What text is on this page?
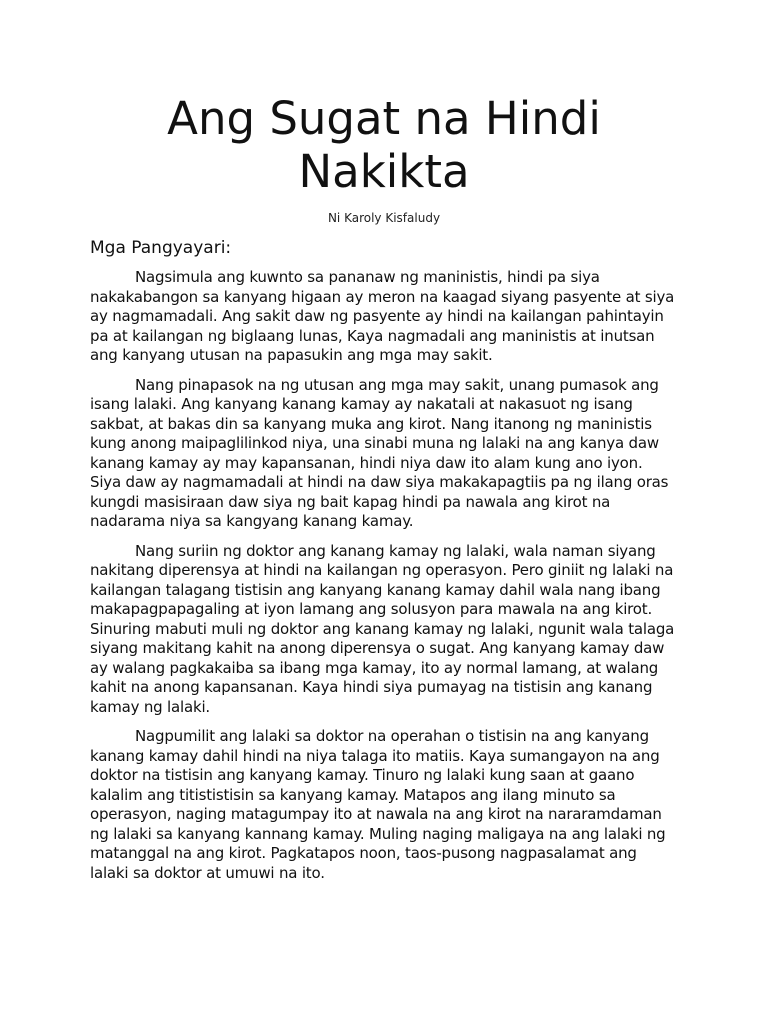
Ang Sugat na Hindi Nakikta

Ni Karoly Kisfaludy

Mga Pangyayari:

Nagsimula ang kuwnto sa pananaw ng maninistis, hindi pa siya nakakabangon sa kanyang higaan ay meron na kaagad siyang pasyente at siya ay nagmamadali. Ang sakit daw ng pasyente ay hindi na kailangan pahintayin pa at kailangan ng biglaang lunas, Kaya nagmadali ang maninistis at inutsan ang kanyang utusan na papasukin ang mga may sakit.

Nang pinapasok na ng utusan ang mga may sakit, unang pumasok ang isang lalaki. Ang kanyang kanang kamay ay nakatali at nakasuot ng isang sakbat, at bakas din sa kanyang muka ang kirot. Nang itanong ng maninistis kung anong maipaglilinkod niya, una sinabi muna ng lalaki na ang kanya daw kanang kamay ay may kapansanan, hindi niya daw ito alam kung ano iyon. Siya daw ay nagmamadali at hindi na daw siya makakapagtiis pa ng ilang oras kungdi masisiraan daw siya ng bait kapag hindi pa nawala ang kirot na nadarama niya sa kangyang kanang kamay.

Nang suriin ng doktor ang kanang kamay ng lalaki, wala naman siyang nakitang diperensya at hindi na kailangan ng operasyon. Pero giniit ng lalaki na kailangan talagang tistisin ang kanyang kanang kamay dahil wala nang ibang makapagpapagaling at iyon lamang ang solusyon para mawala na ang kirot. Sinuring mabuti muli ng doktor ang kanang kamay ng lalaki, ngunit wala talaga siyang makitang kahit na anong diperensya o sugat. Ang kanyang kamay daw ay walang pagkakaiba sa ibang mga kamay, ito ay normal lamang, at walang kahit na anong kapansanan. Kaya hindi siya pumayag na tistisin ang kanang kamay ng lalaki.

Nagpumilit ang lalaki sa doktor na operahan o tistisin na ang kanyang kanang kamay dahil hindi na niya talaga ito matiis. Kaya sumangayon na ang doktor na tistisin ang kanyang kamay. Tinuro ng lalaki kung saan at gaano kalalim ang titististisin sa kanyang kamay. Matapos ang ilang minuto sa operasyon, naging matagumpay ito at nawala na ang kirot na nararamdaman ng lalaki sa kanyang kannang kamay. Muling naging maligaya na ang lalaki ng matanggal na ang kirot. Pagkatapos noon, taos-pusong nagpasalamat ang lalaki sa doktor at umuwi na ito.
